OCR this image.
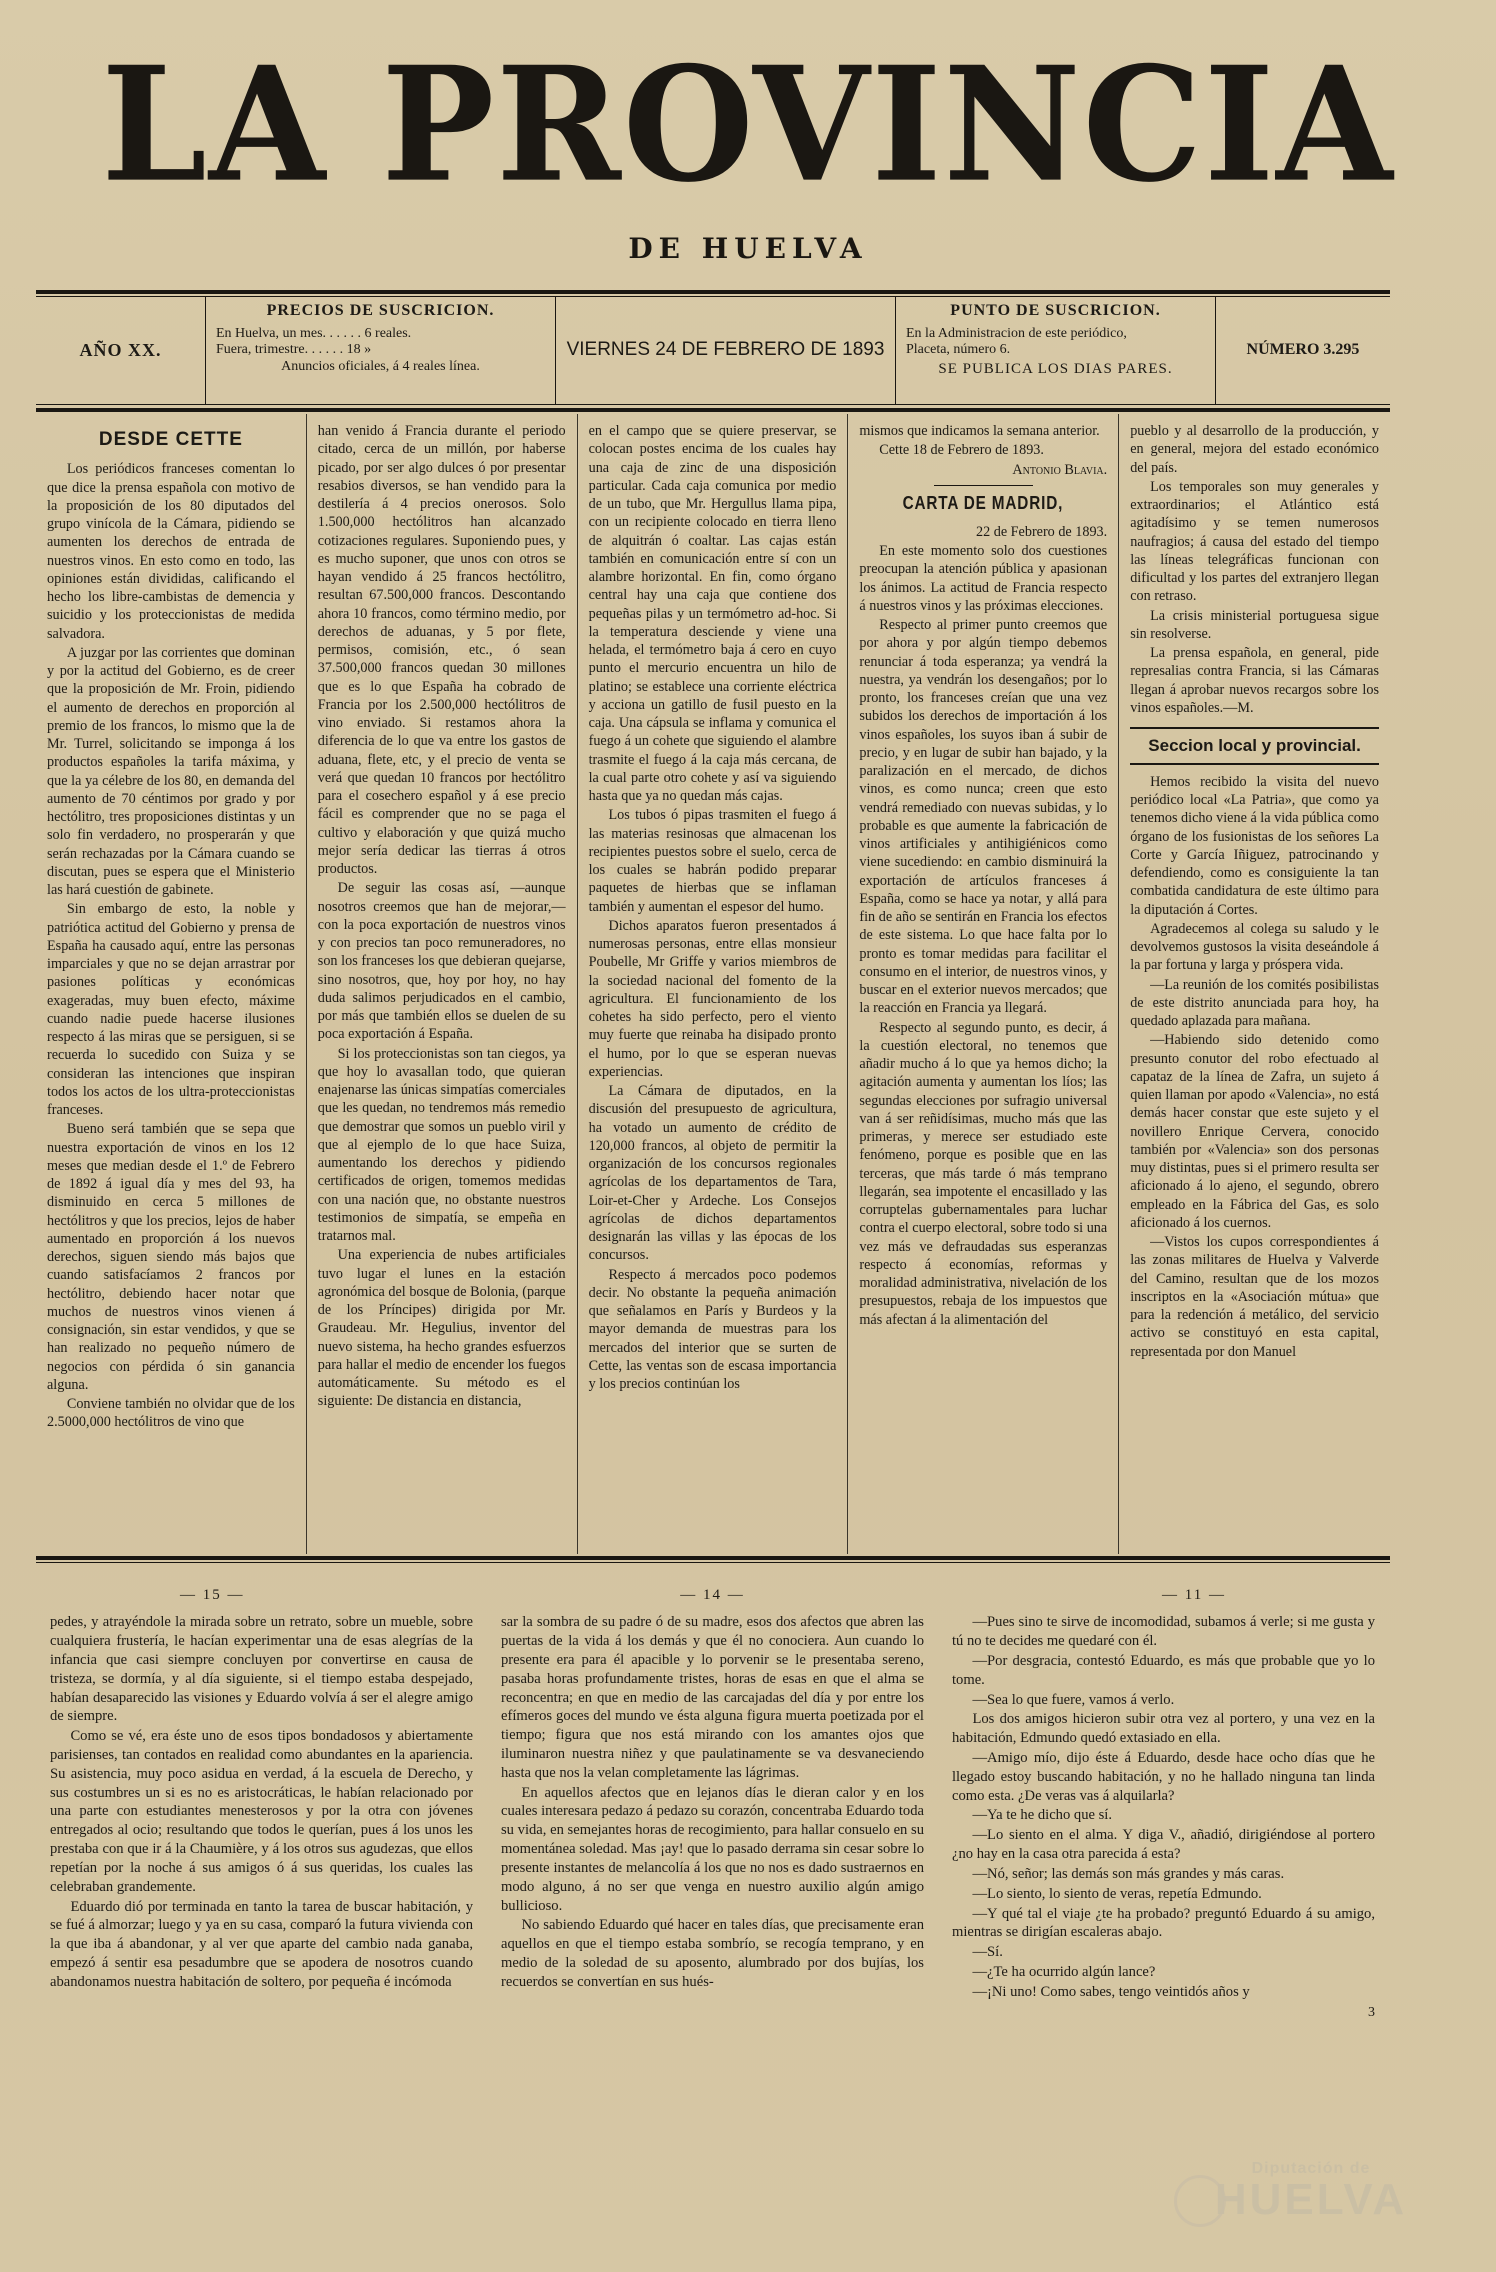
LA PROVINCIA
DE HUELVA
AÑO XX.
PRECIOS DE SUSCRICION.
En Huelva, un mes. . . . . . 6 reales.
Fuera, trimestre. . . . . . 18 »
Anuncios oficiales, á 4 reales línea.
VIERNES 24 DE FEBRERO DE 1893
PUNTO DE SUSCRICION.
En la Administracion de este periódico,
Placeta, número 6.
SE PUBLICA LOS DIAS PARES.
NÚMERO 3.295
DESDE CETTE

Los periódicos franceses comentan lo que dice la prensa española con motivo de la proposición de los 80 diputados del grupo vinícola de la Cámara, pidiendo se aumenten los derechos de entrada de nuestros vinos. En esto como en todo, las opiniones están divididas, calificando el hecho los libre-cambistas de demencia y suicidio y los proteccionistas de medida salvadora.

A juzgar por las corrientes que dominan y por la actitud del Gobierno, es de creer que la proposición de Mr. Froin, pidiendo el aumento de derechos en proporción al premio de los francos, lo mismo que la de Mr. Turrel, solicitando se imponga á los productos españoles la tarifa máxima, y que la ya célebre de los 80, en demanda del aumento de 70 céntimos por grado y por hectólitro, tres proposiciones distintas y un solo fin verdadero, no prosperarán y que serán rechazadas por la Cámara cuando se discutan, pues se espera que el Ministerio las hará cuestión de gabinete.

Sin embargo de esto, la noble y patriótica actitud del Gobierno y prensa de España ha causado aquí, entre las personas imparciales y que no se dejan arrastrar por pasiones políticas y económicas exageradas, muy buen efecto, máxime cuando nadie puede hacerse ilusiones respecto á las miras que se persiguen, si se recuerda lo sucedido con Suiza y se consideran las intenciones que inspiran todos los actos de los ultra-proteccionistas franceses.

Bueno será también que se sepa que nuestra exportación de vinos en los 12 meses que median desde el 1.º de Febrero de 1892 á igual día y mes del 93, ha disminuido en cerca 5 millones de hectólitros y que los precios, lejos de haber aumentado en proporción á los nuevos derechos, siguen siendo más bajos que cuando satisfacíamos 2 francos por hectólitro, debiendo hacer notar que muchos de nuestros vinos vienen á consignación, sin estar vendidos, y que se han realizado no pequeño número de negocios con pérdida ó sin ganancia alguna.

Conviene también no olvidar que de los 2.5000,000 hectólitros de vino que

han venido á Francia durante el periodo citado, cerca de un millón, por haberse picado, por ser algo dulces ó por presentar resabios diversos, se han vendido para la destilería á 4 precios onerosos. Solo 1.500,000 hectólitros han alcanzado cotizaciones regulares. Suponiendo pues, y es mucho suponer, que unos con otros se hayan vendido á 25 francos hectólitro, resultan 67.500,000 francos. Descontando ahora 10 francos, como término medio, por derechos de aduanas, y 5 por flete, permisos, comisión, etc., ó sean 37.500,000 francos quedan 30 millones que es lo que España ha cobrado de Francia por los 2.500,000 hectólitros de vino enviado. Si restamos ahora la diferencia de lo que va entre los gastos de aduana, flete, etc, y el precio de venta se verá que quedan 10 francos por hectólitro para el cosechero español y á ese precio fácil es comprender que no se paga el cultivo y elaboración y que quizá mucho mejor sería dedicar las tierras á otros productos.

De seguir las cosas así, —aunque nosotros creemos que han de mejorar,— con la poca exportación de nuestros vinos y con precios tan poco remuneradores, no son los franceses los que debieran quejarse, sino nosotros, que, hoy por hoy, no hay duda salimos perjudicados en el cambio, por más que también ellos se duelen de su poca exportación á España.

Si los proteccionistas son tan ciegos, ya que hoy lo avasallan todo, que quieran enajenarse las únicas simpatías comerciales que les quedan, no tendremos más remedio que demostrar que somos un pueblo viril y que al ejemplo de lo que hace Suiza, aumentando los derechos y pidiendo certificados de origen, tomemos medidas con una nación que, no obstante nuestros testimonios de simpatía, se empeña en tratarnos mal.

Una experiencia de nubes artificiales tuvo lugar el lunes en la estación agronómica del bosque de Bolonia, (parque de los Príncipes) dirigida por Mr. Graudeau. Mr. Hegulius, inventor del nuevo sistema, ha hecho grandes esfuerzos para hallar el medio de encender los fuegos automáticamente. Su método es el siguiente: De distancia en distancia,

en el campo que se quiere preservar, se colocan postes encima de los cuales hay una caja de zinc de una disposición particular. Cada caja comunica por medio de un tubo, que Mr. Hergullus llama pipa, con un recipiente colocado en tierra lleno de alquitrán ó coaltar. Las cajas están también en comunicación entre sí con un alambre horizontal. En fin, como órgano central hay una caja que contiene dos pequeñas pilas y un termómetro ad-hoc. Si la temperatura desciende y viene una helada, el termómetro baja á cero en cuyo punto el mercurio encuentra un hilo de platino; se establece una corriente eléctrica y acciona un gatillo de fusil puesto en la caja. Una cápsula se inflama y comunica el fuego á un cohete que siguiendo el alambre trasmite el fuego á la caja más cercana, de la cual parte otro cohete y así va siguiendo hasta que ya no quedan más cajas.

Los tubos ó pipas trasmiten el fuego á las materias resinosas que almacenan los recipientes puestos sobre el suelo, cerca de los cuales se habrán podido preparar paquetes de hierbas que se inflaman también y aumentan el espesor del humo.

Dichos aparatos fueron presentados á numerosas personas, entre ellas monsieur Poubelle, Mr Griffe y varios miembros de la sociedad nacional del fomento de la agricultura. El funcionamiento de los cohetes ha sido perfecto, pero el viento muy fuerte que reinaba ha disipado pronto el humo, por lo que se esperan nuevas experiencias.

La Cámara de diputados, en la discusión del presupuesto de agricultura, ha votado un aumento de crédito de 120,000 francos, al objeto de permitir la organización de los concursos regionales agrícolas de los departamentos de Tara, Loir-et-Cher y Ardeche. Los Consejos agrícolas de dichos departamentos designarán las villas y las épocas de los concursos.

Respecto á mercados poco podemos decir. No obstante la pequeña animación que señalamos en París y Burdeos y la mayor demanda de muestras para los mercados del interior que se surten de Cette, las ventas son de escasa importancia y los precios continúan los

mismos que indicamos la semana anterior.

Cette 18 de Febrero de 1893.

Antonio Blavia.

CARTA DE MADRID,

22 de Febrero de 1893.

En este momento solo dos cuestiones preocupan la atención pública y apasionan los ánimos. La actitud de Francia respecto á nuestros vinos y las próximas elecciones.

Respecto al primer punto creemos que por ahora y por algún tiempo debemos renunciar á toda esperanza; ya vendrá la nuestra, ya vendrán los desengaños; por lo pronto, los franceses creían que una vez subidos los derechos de importación á los vinos españoles, los suyos iban á subir de precio, y en lugar de subir han bajado, y la paralización en el mercado, de dichos vinos, es como nunca; creen que esto vendrá remediado con nuevas subidas, y lo probable es que aumente la fabricación de vinos artificiales y antihigiénicos como viene sucediendo: en cambio disminuirá la exportación de artículos franceses á España, como se hace ya notar, y allá para fin de año se sentirán en Francia los efectos de este sistema. Lo que hace falta por lo pronto es tomar medidas para facilitar el consumo en el interior, de nuestros vinos, y buscar en el exterior nuevos mercados; que la reacción en Francia ya llegará.

Respecto al segundo punto, es decir, á la cuestión electoral, no tenemos que añadir mucho á lo que ya hemos dicho; la agitación aumenta y aumentan los líos; las segundas elecciones por sufragio universal van á ser reñidísimas, mucho más que las primeras, y merece ser estudiado este fenómeno, porque es posible que en las terceras, que más tarde ó más temprano llegarán, sea impotente el encasillado y las corruptelas gubernamentales para luchar contra el cuerpo electoral, sobre todo si una vez más ve defraudadas sus esperanzas respecto á economías, reformas y moralidad administrativa, nivelación de los presupuestos, rebaja de los impuestos que más afectan á la alimentación del

pueblo y al desarrollo de la producción, y en general, mejora del estado económico del país.

Los temporales son muy generales y extraordinarios; el Atlántico está agitadísimo y se temen numerosos naufragios; á causa del estado del tiempo las líneas telegráficas funcionan con dificultad y los partes del extranjero llegan con retraso.

La crisis ministerial portuguesa sigue sin resolverse.

La prensa española, en general, pide represalias contra Francia, si las Cámaras llegan á aprobar nuevos recargos sobre los vinos españoles.—M.

Seccion local y provincial.

Hemos recibido la visita del nuevo periódico local «La Patria», que como ya tenemos dicho viene á la vida pública como órgano de los fusionistas de los señores La Corte y García Iñiguez, patrocinando y defendiendo, como es consiguiente la tan combatida candidatura de este último para la diputación á Cortes.

Agradecemos al colega su saludo y le devolvemos gustosos la visita deseándole á la par fortuna y larga y próspera vida.

—La reunión de los comités posibilistas de este distrito anunciada para hoy, ha quedado aplazada para mañana.

—Habiendo sido detenido como presunto conutor del robo efectuado al capataz de la línea de Zafra, un sujeto á quien llaman por apodo «Valencia», no está demás hacer constar que este sujeto y el novillero Enrique Cervera, conocido también por «Valencia» son dos personas muy distintas, pues si el primero resulta ser aficionado á lo ajeno, el segundo, obrero empleado en la Fábrica del Gas, es solo aficionado á los cuernos.

—Vistos los cupos correspondientes á las zonas militares de Huelva y Valverde del Camino, resultan que de los mozos inscriptos en la «Asociación mútua» que para la redención á metálico, del servicio activo se constituyó en esta capital, representada por don Manuel

— 15 —

pedes, y atrayéndole la mirada sobre un retrato, sobre un mueble, sobre cualquiera frustería, le hacían experimentar una de esas alegrías de la infancia que casi siempre concluyen por convertirse en causa de tristeza, se dormía, y al día siguiente, si el tiempo estaba despejado, habían desaparecido las visiones y Eduardo volvía á ser el alegre amigo de siempre.

Como se vé, era éste uno de esos tipos bondadosos y abiertamente parisienses, tan contados en realidad como abundantes en la apariencia. Su asistencia, muy poco asidua en verdad, á la escuela de Derecho, y sus costumbres un si es no es aristocráticas, le habían relacionado por una parte con estudiantes menesterosos y por la otra con jóvenes entregados al ocio; resultando que todos le querían, pues á los unos les prestaba con que ir á la Chaumière, y á los otros sus agudezas, que ellos repetían por la noche á sus amigos ó á sus queridas, los cuales las celebraban grandemente.

Eduardo dió por terminada en tanto la tarea de buscar habitación, y se fué á almorzar; luego y ya en su casa, comparó la futura vivienda con la que iba á abandonar, y al ver que aparte del cambio nada ganaba, empezó á sentir esa pesadumbre que se apodera de nosotros cuando abandonamos nuestra habitación de soltero, por pequeña é incómoda

— 14 —

sar la sombra de su padre ó de su madre, esos dos afectos que abren las puertas de la vida á los demás y que él no conociera. Aun cuando lo presente era para él apacible y lo porvenir se le presentaba sereno, pasaba horas profundamente tristes, horas de esas en que el alma se reconcentra; en que en medio de las carcajadas del día y por entre los efímeros goces del mundo ve ésta alguna figura muerta poetizada por el tiempo; figura que nos está mirando con los amantes ojos que iluminaron nuestra niñez y que paulatinamente se va desvaneciendo hasta que nos la velan completamente las lágrimas.

En aquellos afectos que en lejanos días le dieran calor y en los cuales interesara pedazo á pedazo su corazón, concentraba Eduardo toda su vida, en semejantes horas de recogimiento, para hallar consuelo en su momentánea soledad. Mas ¡ay! que lo pasado derrama sin cesar sobre lo presente instantes de melancolía á los que no nos es dado sustraernos en modo alguno, á no ser que venga en nuestro auxilio algún amigo bullicioso.

No sabiendo Eduardo qué hacer en tales días, que precisamente eran aquellos en que el tiempo estaba sombrío, se recogía temprano, y en medio de la soledad de su aposento, alumbrado por dos bujías, los recuerdos se convertían en sus hués-

— 11 —

—Pues sino te sirve de incomodidad, subamos á verle; si me gusta y tú no te decides me quedaré con él.

—Por desgracia, contestó Eduardo, es más que probable que yo lo tome.

—Sea lo que fuere, vamos á verlo.

Los dos amigos hicieron subir otra vez al portero, y una vez en la habitación, Edmundo quedó extasiado en ella.

—Amigo mío, dijo éste á Eduardo, desde hace ocho días que he llegado estoy buscando habitación, y no he hallado ninguna tan linda como esta. ¿De veras vas á alquilarla?

—Ya te he dicho que sí.

—Lo siento en el alma. Y diga V., añadió, dirigiéndose al portero ¿no hay en la casa otra parecida á esta?

—Nó, señor; las demás son más grandes y más caras.

—Lo siento, lo siento de veras, repetía Edmundo.

—Y qué tal el viaje ¿te ha probado? preguntó Eduardo á su amigo, mientras se dirigían escaleras abajo.

—Sí.

—¿Te ha ocurrido algún lance?

—¡Ni uno! Como sabes, tengo veintidós años y

3
Diputación de
HUELVA
